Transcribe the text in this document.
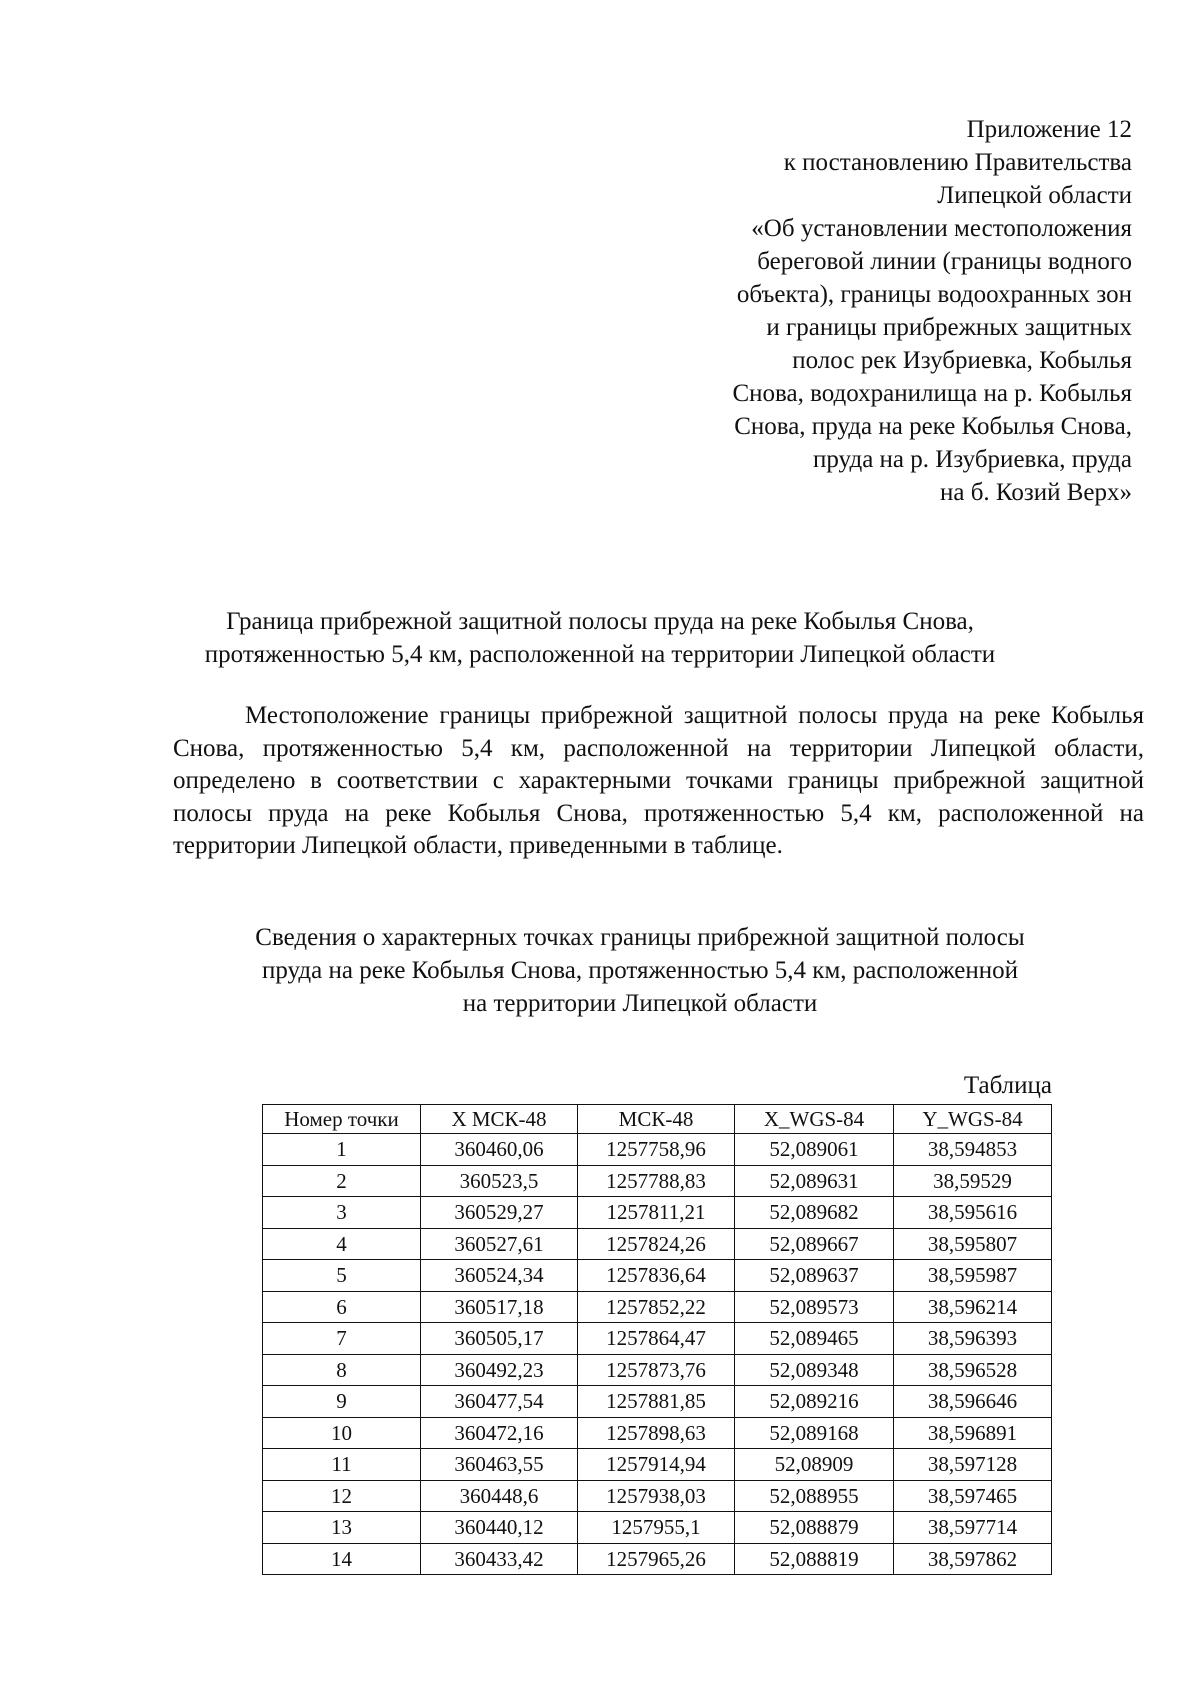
Приложение 12
к постановлению Правительства
Липецкой области
«Об установлении местоположения
береговой линии (границы водного
объекта), границы водоохранных зон
и границы прибрежных защитных
полос рек Изубриевка, Кобылья
Снова, водохранилища на р. Кобылья
Снова, пруда на реке Кобылья Снова,
пруда на р. Изубриевка, пруда
на б. Козий Верх»
Граница прибрежной защитной полосы пруда на реке Кобылья Снова,
протяженностью 5,4 км, расположенной на территории Липецкой области
Местоположение границы прибрежной защитной полосы пруда на реке Кобылья Снова, протяженностью 5,4 км, расположенной на территории Липецкой области, определено в соответствии с характерными точками границы прибрежной защитной полосы пруда на реке Кобылья Снова, протяженностью 5,4 км, расположенной на территории Липецкой области, приведенными в таблице.
Сведения о характерных точках границы прибрежной защитной полосы
пруда на реке Кобылья Снова, протяженностью 5,4 км, расположенной
на территории Липецкой области
Таблица
Номер точки	X МСК-48	МСК-48	X_WGS-84	Y_WGS-84
1	360460,06	1257758,96	52,089061	38,594853
2	360523,5	1257788,83	52,089631	38,59529
3	360529,27	1257811,21	52,089682	38,595616
4	360527,61	1257824,26	52,089667	38,595807
5	360524,34	1257836,64	52,089637	38,595987
6	360517,18	1257852,22	52,089573	38,596214
7	360505,17	1257864,47	52,089465	38,596393
8	360492,23	1257873,76	52,089348	38,596528
9	360477,54	1257881,85	52,089216	38,596646
10	360472,16	1257898,63	52,089168	38,596891
11	360463,55	1257914,94	52,08909	38,597128
12	360448,6	1257938,03	52,088955	38,597465
13	360440,12	1257955,1	52,088879	38,597714
14	360433,42	1257965,26	52,088819	38,597862
